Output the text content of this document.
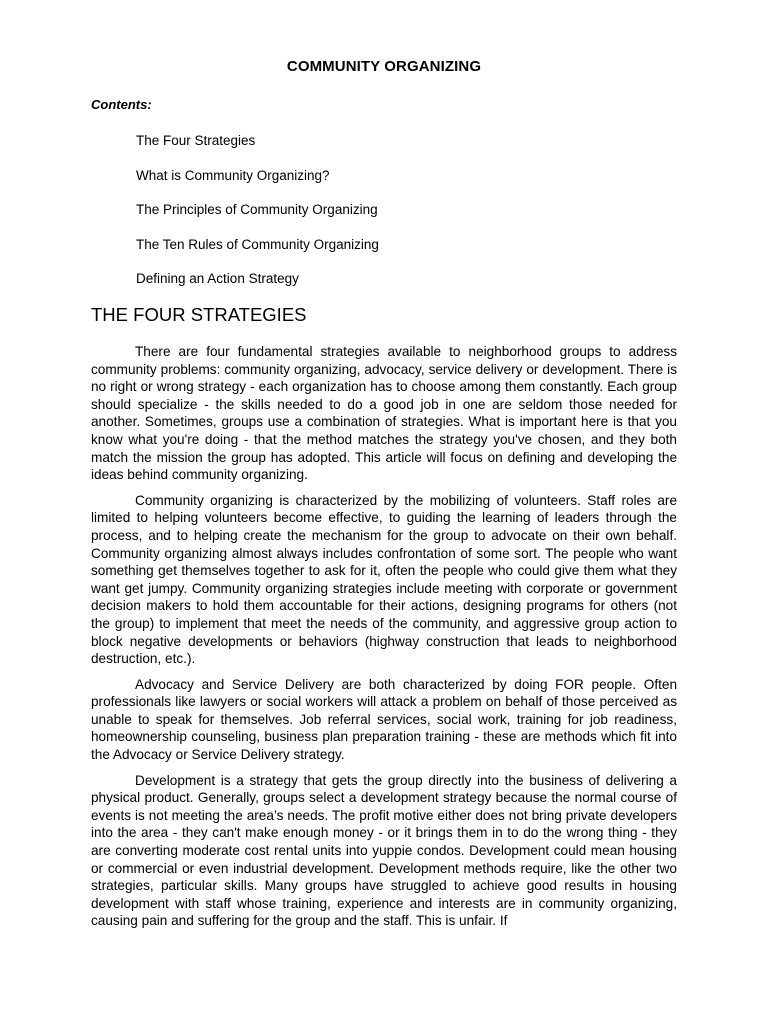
COMMUNITY ORGANIZING
Contents:
The Four Strategies
What is Community Organizing?
The Principles of Community Organizing
The Ten Rules of Community Organizing
Defining an Action Strategy
THE FOUR STRATEGIES

There are four fundamental strategies available to neighborhood groups to address community problems: community organizing, advocacy, service delivery or development. There is no right or wrong strategy - each organization has to choose among them constantly. Each group should specialize - the skills needed to do a good job in one are seldom those needed for another. Sometimes, groups use a combination of strategies. What is important here is that you know what you're doing - that the method matches the strategy you've chosen, and they both match the mission the group has adopted. This article will focus on defining and developing the ideas behind community organizing.

Community organizing is characterized by the mobilizing of volunteers. Staff roles are limited to helping volunteers become effective, to guiding the learning of leaders through the process, and to helping create the mechanism for the group to advocate on their own behalf. Community organizing almost always includes confrontation of some sort. The people who want something get themselves together to ask for it, often the people who could give them what they want get jumpy. Community organizing strategies include meeting with corporate or government decision makers to hold them accountable for their actions, designing programs for others (not the group) to implement that meet the needs of the community, and aggressive group action to block negative developments or behaviors (highway construction that leads to neighborhood destruction, etc.).

Advocacy and Service Delivery are both characterized by doing FOR people. Often professionals like lawyers or social workers will attack a problem on behalf of those perceived as unable to speak for themselves. Job referral services, social work, training for job readiness, homeownership counseling, business plan preparation training - these are methods which fit into the Advocacy or Service Delivery strategy.

Development is a strategy that gets the group directly into the business of delivering a physical product. Generally, groups select a development strategy because the normal course of events is not meeting the area’s needs. The profit motive either does not bring private developers into the area - they can't make enough money - or it brings them in to do the wrong thing - they are converting moderate cost rental units into yuppie condos. Development could mean housing or commercial or even industrial development. Development methods require, like the other two strategies, particular skills. Many groups have struggled to achieve good results in housing development with staff whose training, experience and interests are in community organizing, causing pain and suffering for the group and the staff. This is unfair. If
